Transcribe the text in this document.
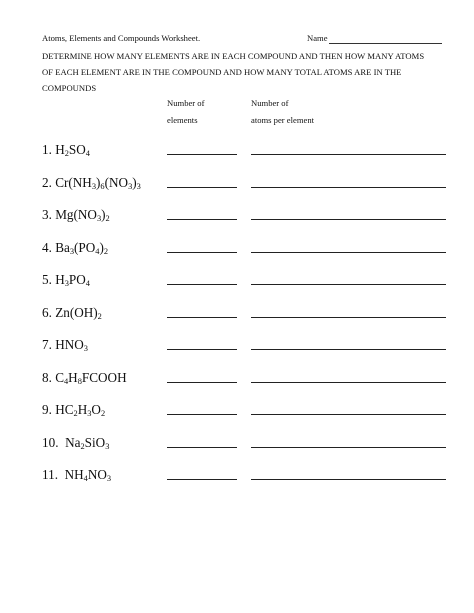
Atoms, Elements and Compounds Worksheet.	Name
DETERMINE HOW MANY ELEMENTS ARE IN EACH COMPOUND AND THEN HOW MANY ATOMS
OF EACH ELEMENT ARE IN THE COMPOUND AND HOW MANY TOTAL ATOMS ARE IN THE
COMPOUNDS
Number of
elements
Number of
atoms per element
1. $H_2SO_4$
2. $Cr(NH_3)_6(NO_3)_3$
3. $Mg(NO_3)_2$
4. $Ba_3(PO_4)_2$
5. $H_3PO_4$
6. $Zn(OH)_2$
7. $HNO_3$
8. $C_4H_8FCOOH$
9. $HC_2H_3O_2$
10. $Na_2SiO_3$
11. $NH_4NO_3$
